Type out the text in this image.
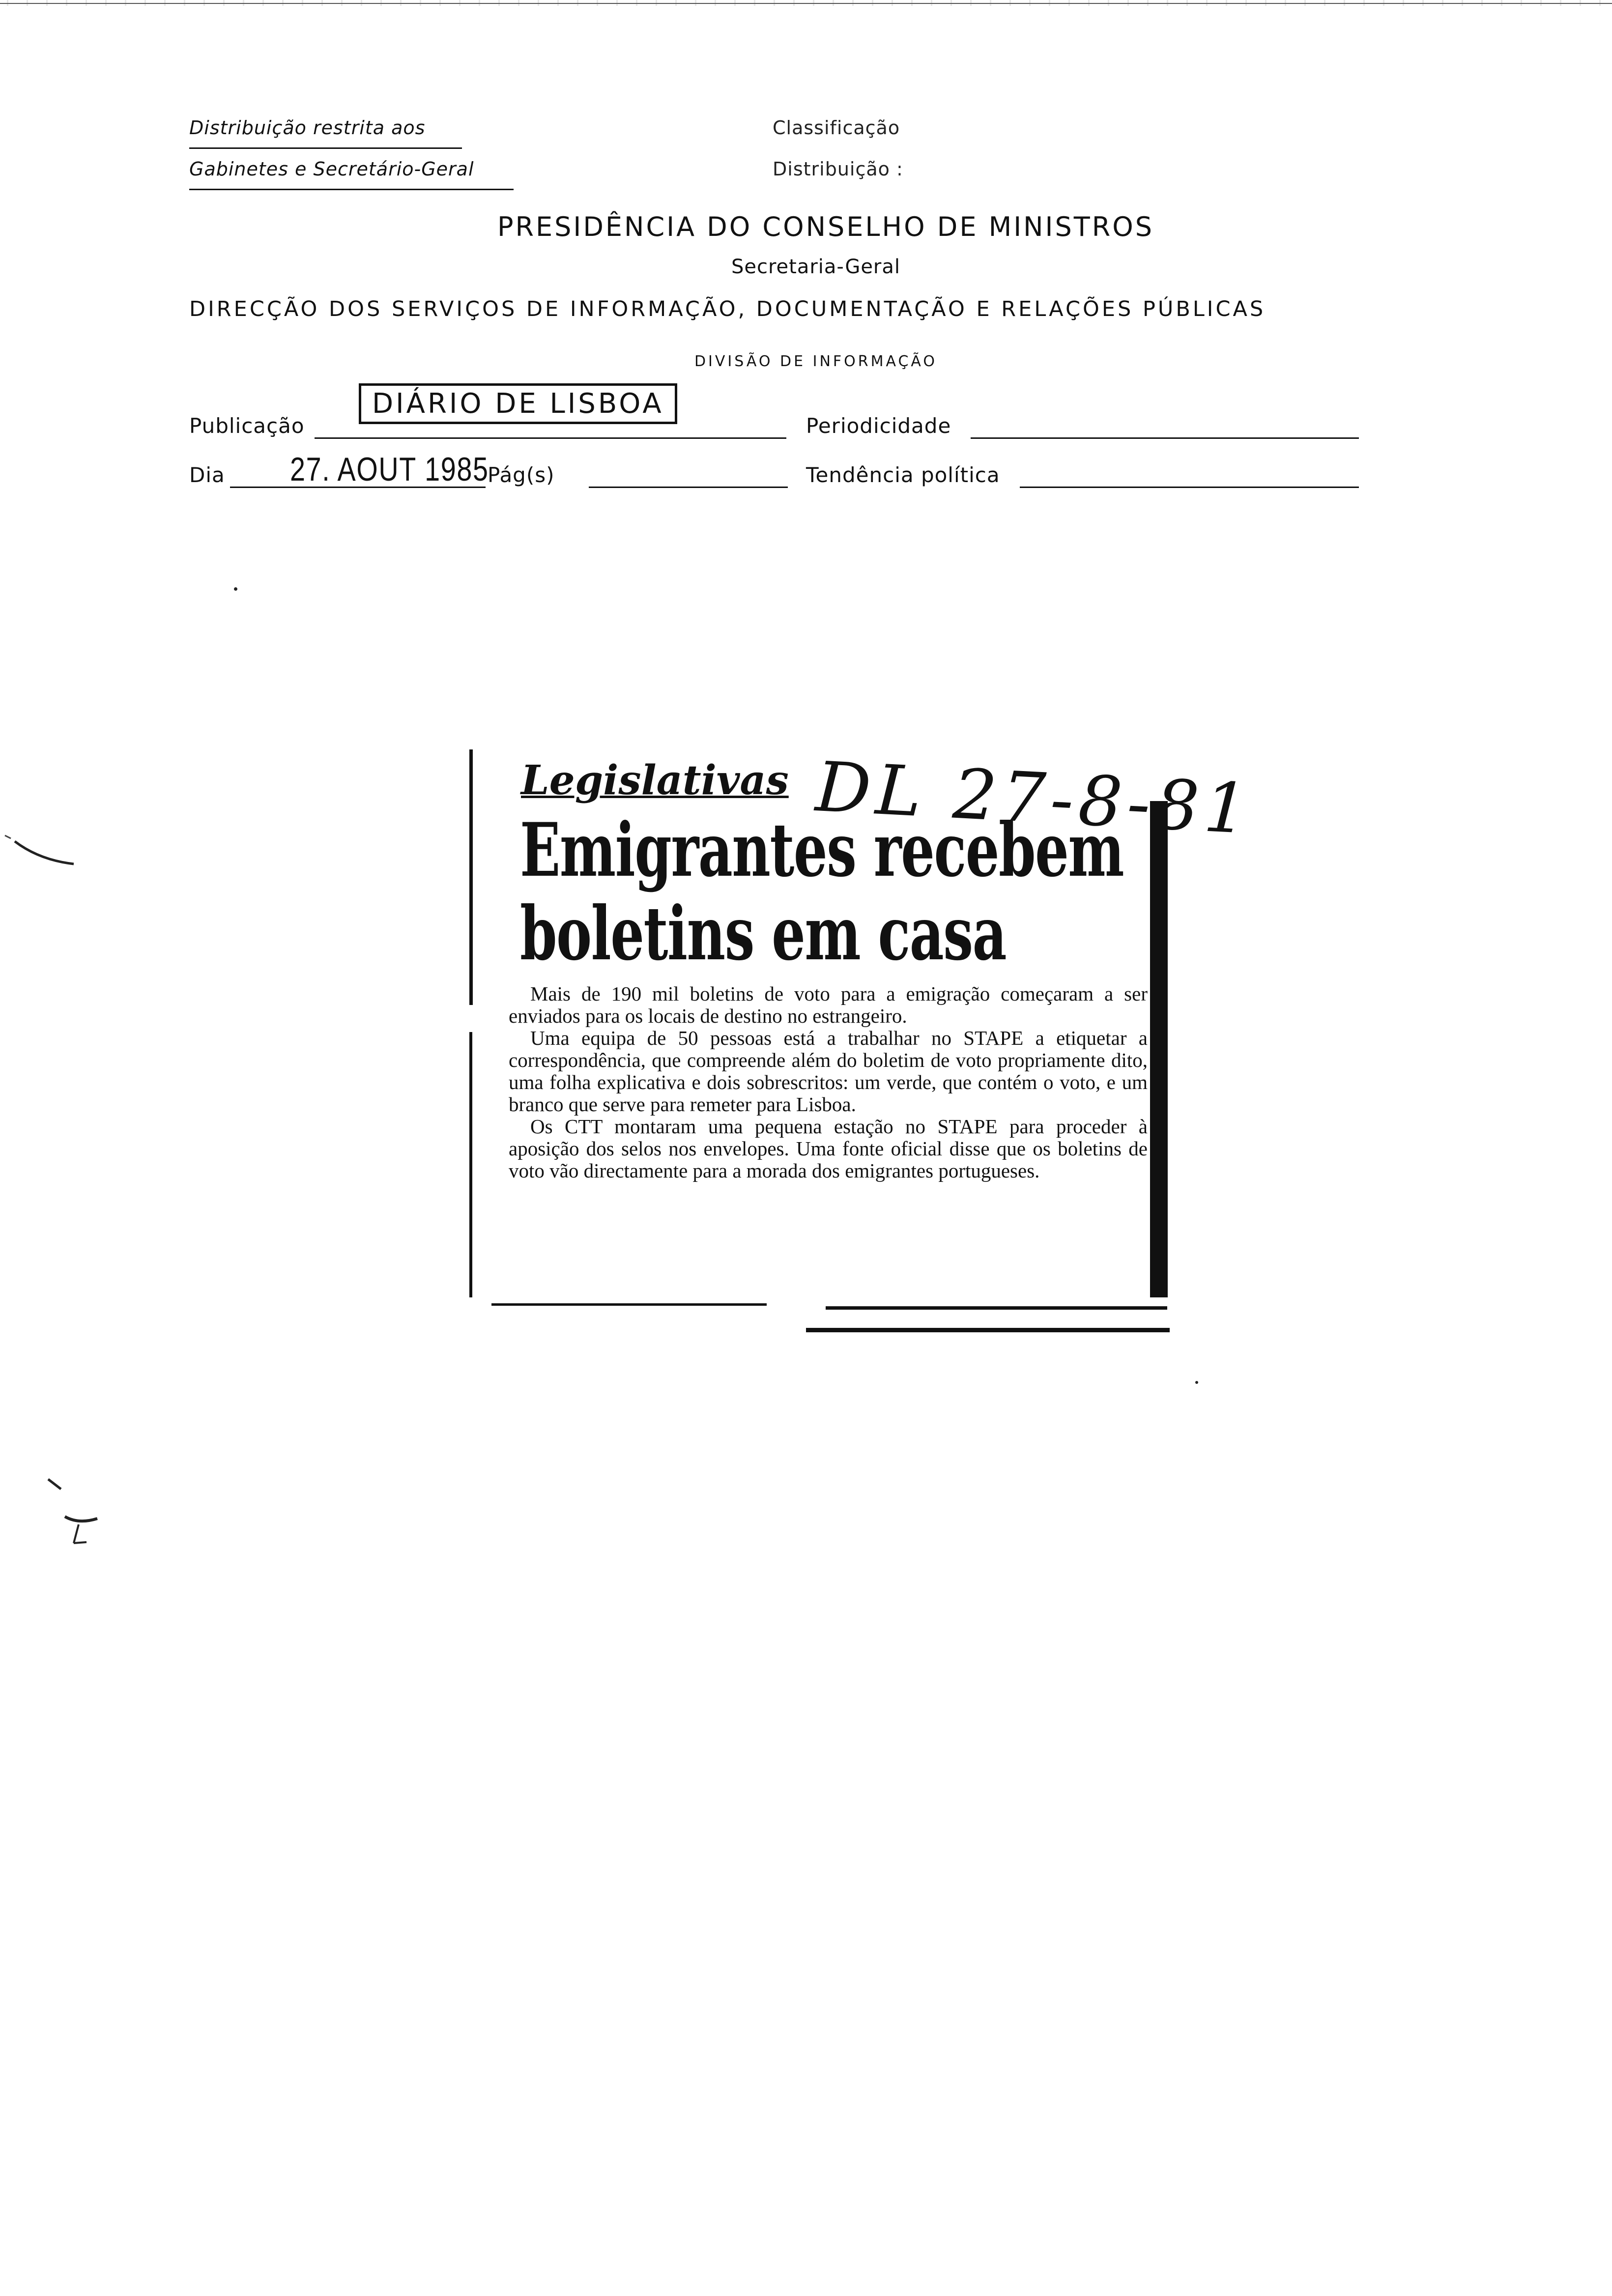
Distribuição restrita aos
Gabinetes e Secretário-Geral
Classificação
Distribuição :
PRESIDÊNCIA DO CONSELHO DE MINISTROS
Secretaria-Geral
DIRECÇÃO DOS SERVIÇOS DE INFORMAÇÃO, DOCUMENTAÇÃO E RELAÇÕES PÚBLICAS
DIVISÃO DE INFORMAÇÃO
Publicação
DIÁRIO DE LISBOA
Periodicidade
Dia 27. AOUT 1985
Pág(s)	Tendência política
Legislativas DL 27-8-81
Emigrantes recebem
boletins em casa

Mais de 190 mil boletins de voto para a emigração começaram a ser enviados para os locais de destino no estrangeiro.

Uma equipa de 50 pessoas está a trabalhar no STAPE a etiquetar a correspondência, que compreende além do boletim de voto propriamente dito, uma folha explicativa e dois sobrescritos: um verde, que contém o voto, e um branco que serve para remeter para Lisboa.

Os CTT montaram uma pequena estação no STAPE para proceder à aposição dos selos nos envelopes. Uma fonte oficial disse que os boletins de voto vão directamente para a morada dos emigrantes portugueses.
